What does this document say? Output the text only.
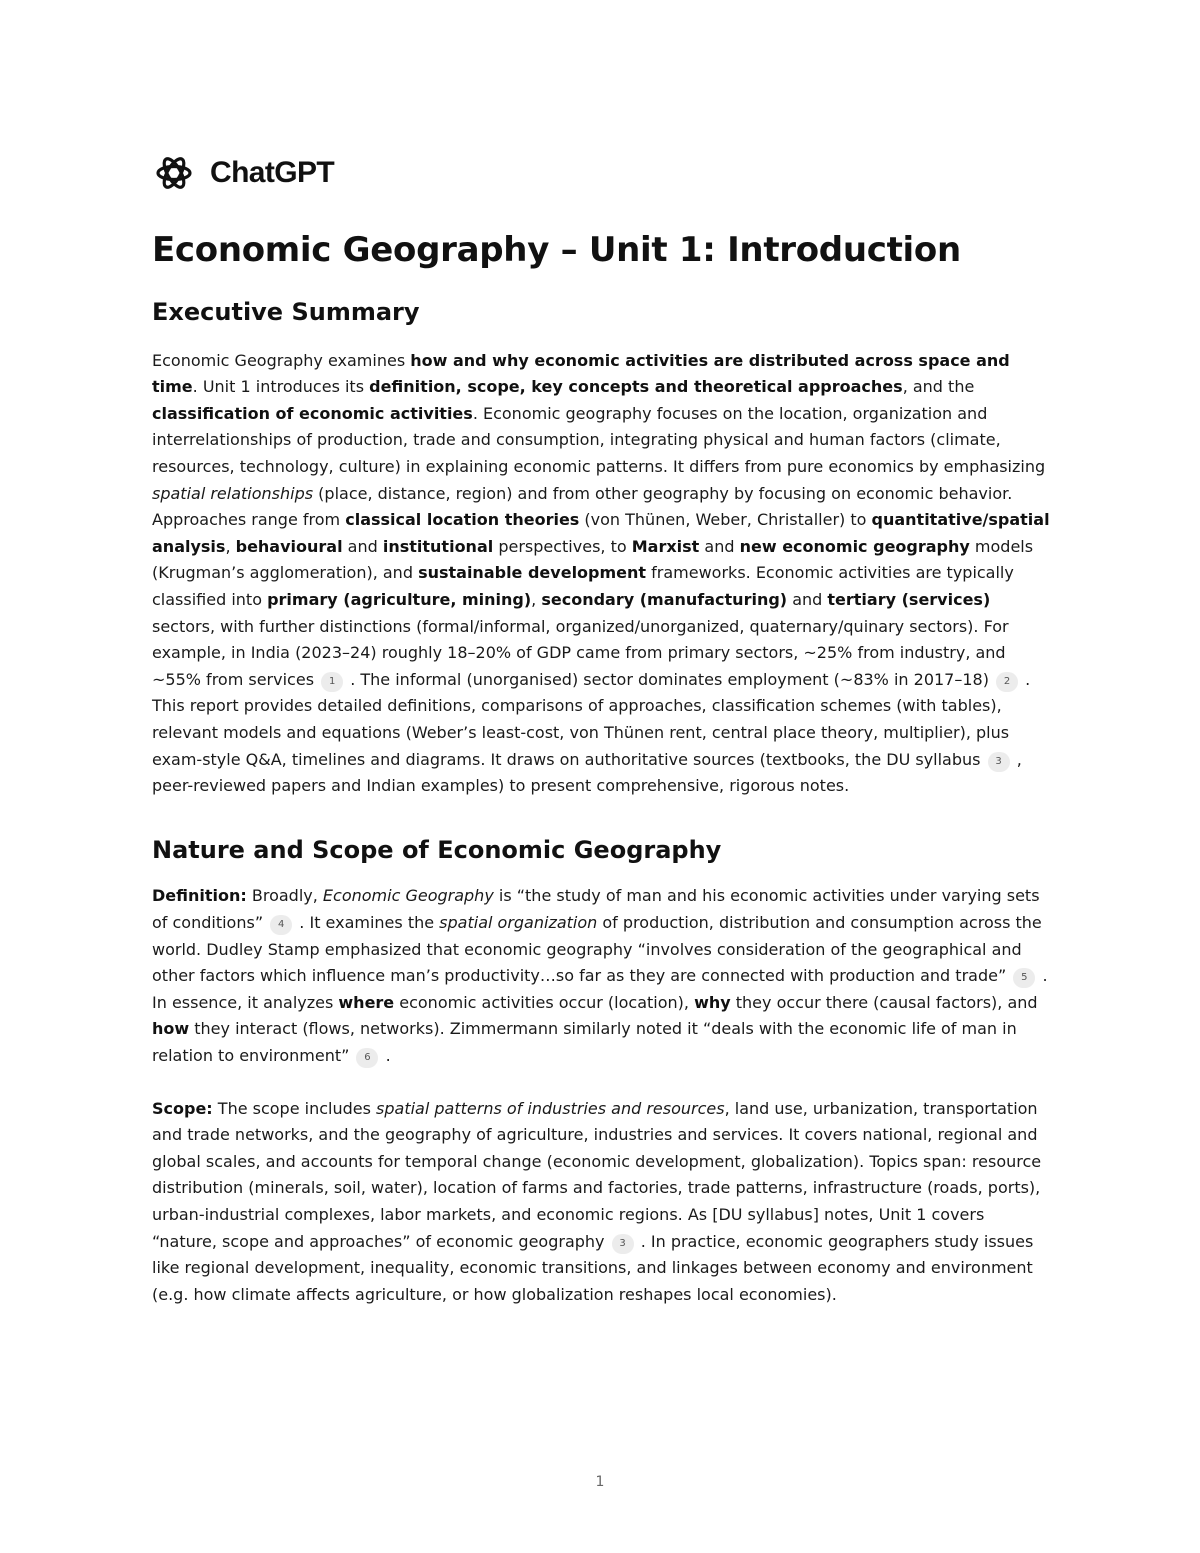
ChatGPT
Economic Geography – Unit 1: Introduction
Executive Summary

Economic Geography examines how and why economic activities are distributed across space and time. Unit 1 introduces its definition, scope, key concepts and theoretical approaches, and the classification of economic activities. Economic geography focuses on the location, organization and interrelationships of production, trade and consumption, integrating physical and human factors (climate, resources, technology, culture) in explaining economic patterns. It differs from pure economics by emphasizing spatial relationships (place, distance, region) and from other geography by focusing on economic behavior. Approaches range from classical location theories (von Thünen, Weber, Christaller) to quantitative/spatial analysis, behavioural and institutional perspectives, to Marxist and new economic geography models (Krugman’s agglomeration), and sustainable development frameworks. Economic activities are typically classified into primary (agriculture, mining), secondary (manufacturing) and tertiary (services) sectors, with further distinctions (formal/informal, organized/unorganized, quaternary/quinary sectors). For example, in India (2023–24) roughly 18–20% of GDP came from primary sectors, ~25% from industry, and ~55% from services 1 . The informal (unorganised) sector dominates employment (~83% in 2017–18) 2 . This report provides detailed definitions, comparisons of approaches, classification schemes (with tables), relevant models and equations (Weber’s least-cost, von Thünen rent, central place theory, multiplier), plus exam-style Q&A, timelines and diagrams. It draws on authoritative sources (textbooks, the DU syllabus 3 , peer-reviewed papers and Indian examples) to present comprehensive, rigorous notes.

Nature and Scope of Economic Geography

Definition: Broadly, Economic Geography is “the study of man and his economic activities under varying sets of conditions” 4 . It examines the spatial organization of production, distribution and consumption across the world. Dudley Stamp emphasized that economic geography “involves consideration of the geographical and other factors which influence man’s productivity…so far as they are connected with production and trade” 5 . In essence, it analyzes where economic activities occur (location), why they occur there (causal factors), and how they interact (flows, networks). Zimmermann similarly noted it “deals with the economic life of man in relation to environment” 6 .

Scope: The scope includes spatial patterns of industries and resources, land use, urbanization, transportation and trade networks, and the geography of agriculture, industries and services. It covers national, regional and global scales, and accounts for temporal change (economic development, globalization). Topics span: resource distribution (minerals, soil, water), location of farms and factories, trade patterns, infrastructure (roads, ports), urban-industrial complexes, labor markets, and economic regions. As [DU syllabus] notes, Unit 1 covers “nature, scope and approaches” of economic geography 3 . In practice, economic geographers study issues like regional development, inequality, economic transitions, and linkages between economy and environment (e.g. how climate affects agriculture, or how globalization reshapes local economies).

1
